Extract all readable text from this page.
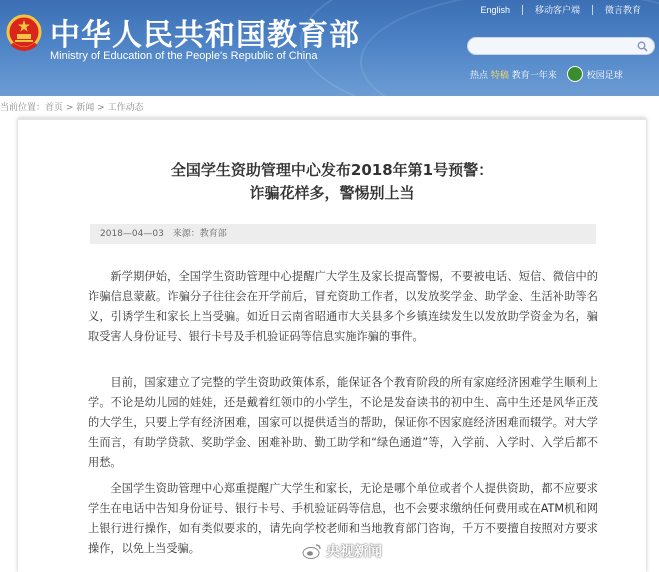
中华人民共和国教育部
Ministry of Education of the People's Republic of China
English	移动客户端	微言教育
热点 特稿 教育一年来	校园足球
当前位置：首页 > 新闻 > 工作动态
全国学生资助管理中心发布2018年第1号预警：
诈骗花样多，警惕别上当
2018—04—03 来源：教育部

新学期伊始，全国学生资助管理中心提醒广大学生及家长提高警惕，不要被电话、短信、微信中的诈骗信息蒙蔽。诈骗分子往往会在开学前后，冒充资助工作者，以发放奖学金、助学金、生活补助等名义，引诱学生和家长上当受骗。如近日云南省昭通市大关县多个乡镇连续发生以发放助学资金为名，骗取受害人身份证号、银行卡号及手机验证码等信息实施诈骗的事件。

目前，国家建立了完整的学生资助政策体系，能保证各个教育阶段的所有家庭经济困难学生顺利上学。不论是幼儿园的娃娃，还是戴着红领巾的小学生，不论是发奋读书的初中生、高中生还是风华正茂的大学生，只要上学有经济困难，国家可以提供适当的帮助，保证你不因家庭经济困难而辍学。对大学生而言，有助学贷款、奖助学金、困难补助、勤工助学和“绿色通道”等，入学前、入学时、入学后都不用愁。

全国学生资助管理中心郑重提醒广大学生和家长，无论是哪个单位或者个人提供资助，都不应要求学生在电话中告知身份证号、银行卡号、手机验证码等信息，也不会要求缴纳任何费用或在ATM机和网上银行进行操作，如有类似要求的，请先向学校老师和当地教育部门咨询，千万不要擅自按照对方要求操作，以免上当受骗。	央视新闻
